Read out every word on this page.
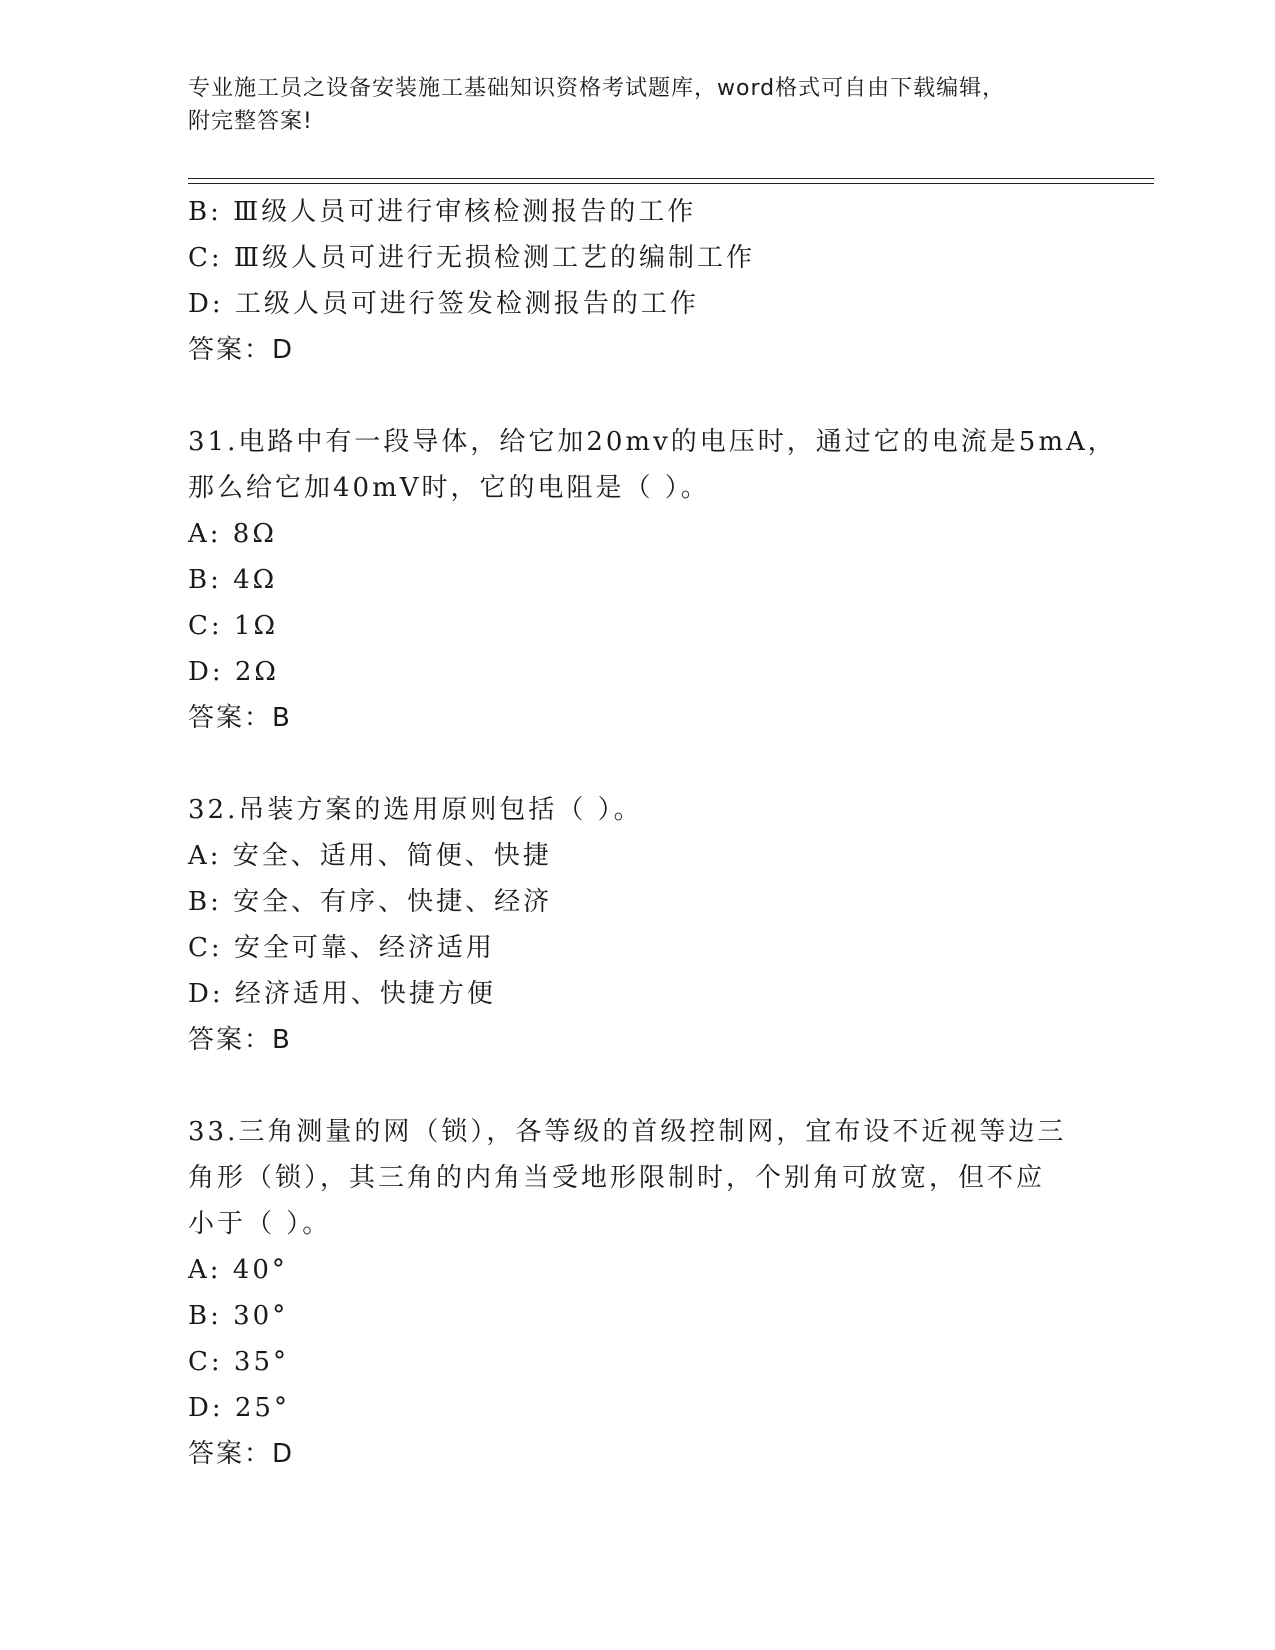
专业施工员之设备安装施工基础知识资格考试题库，word格式可自由下载编辑，
附完整答案!
B: Ⅲ级人员可进行审核检测报告的工作
C: Ⅲ级人员可进行无损检测工艺的编制工作
D: 工级人员可进行签发检测报告的工作
答案：D
31.电路中有一段导体，给它加20mv的电压时，通过它的电流是5mA，
那么给它加40mV时，它的电阻是（ ）。
A: 8Ω
B: 4Ω
C: 1Ω
D: 2Ω
答案：B
32.吊装方案的选用原则包括（ ）。
A: 安全、适用、简便、快捷
B: 安全、有序、快捷、经济
C: 安全可靠、经济适用
D: 经济适用、快捷方便
答案：B
33.三角测量的网（锁），各等级的首级控制网，宜布设不近视等边三
角形（锁），其三角的内角当受地形限制时，个别角可放宽，但不应
小于（ ）。
A: 40°
B: 30°
C: 35°
D: 25°
答案：D
